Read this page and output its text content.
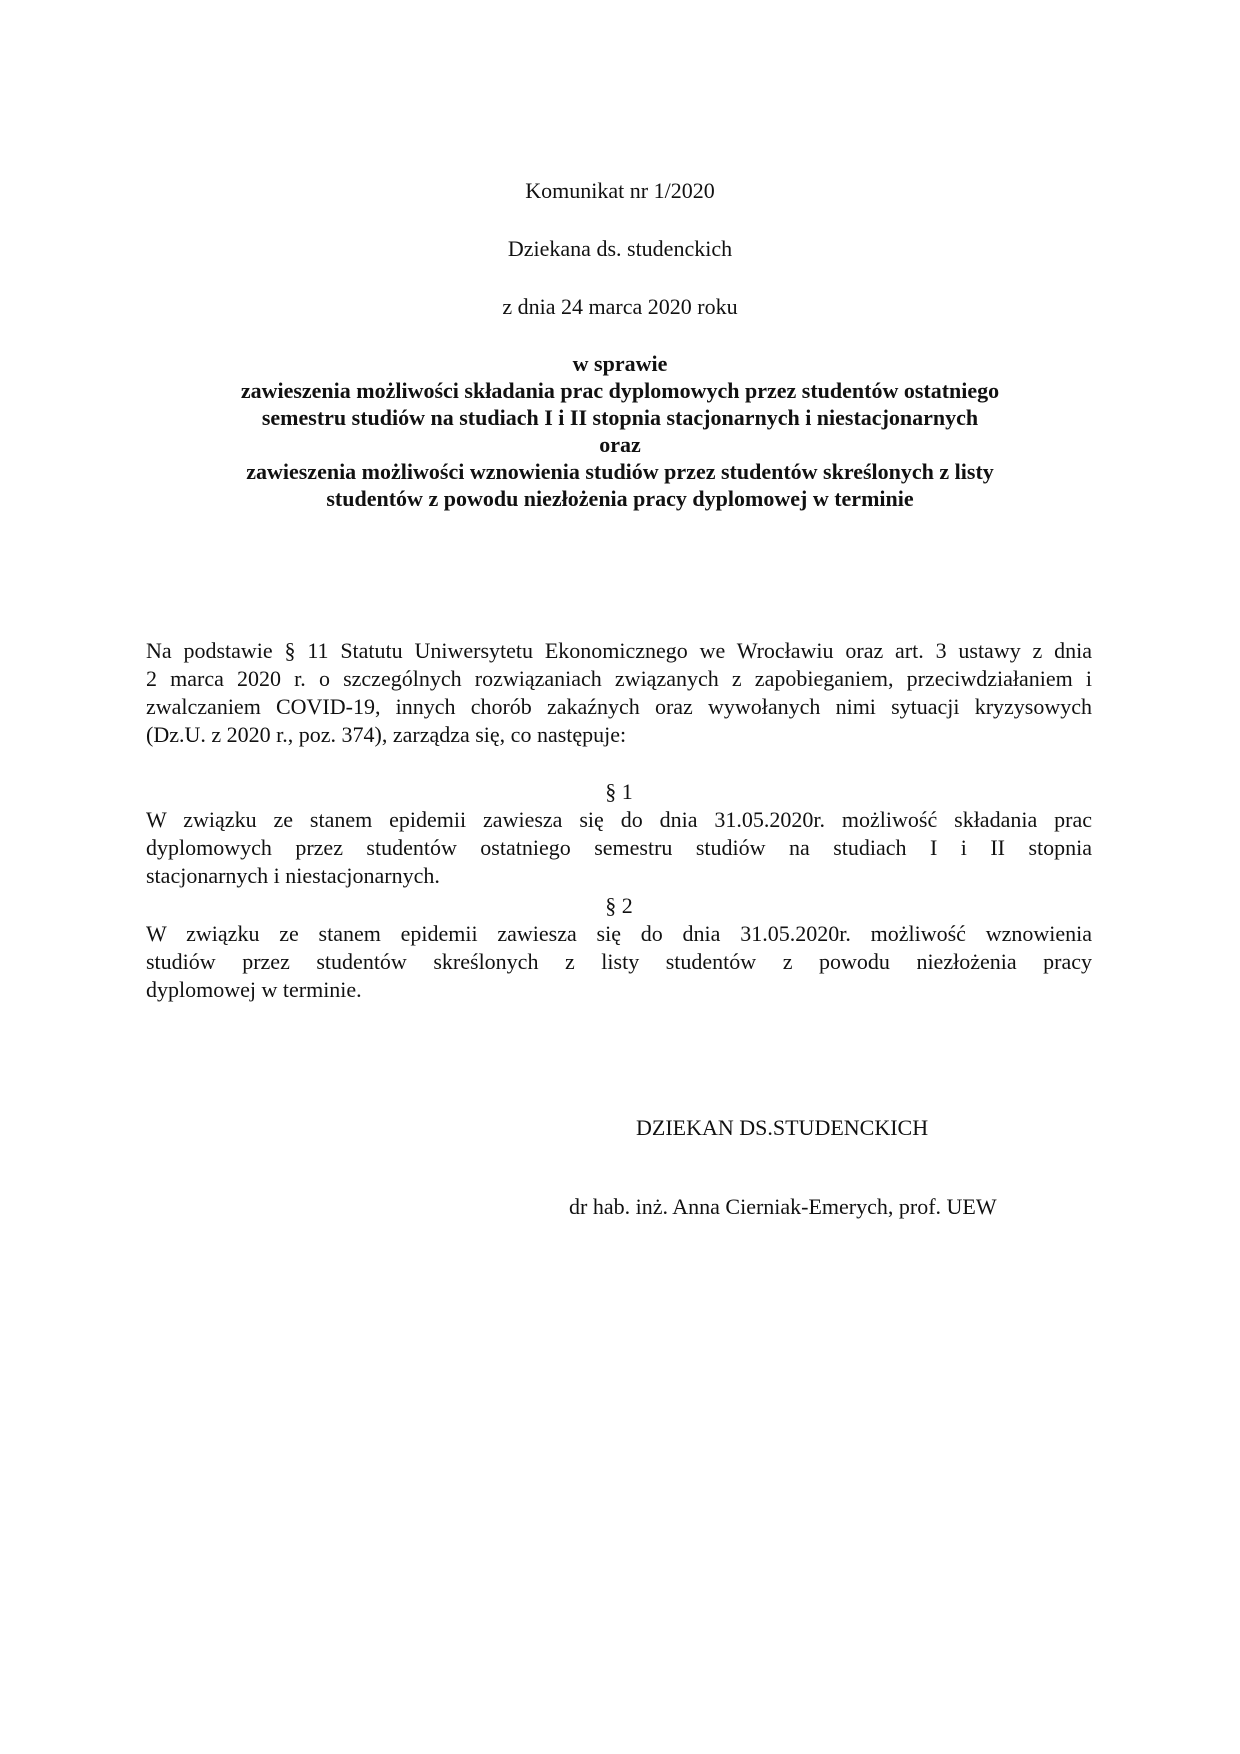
Komunikat nr 1/2020
Dziekana ds. studenckich
z dnia 24 marca 2020 roku
w sprawie
zawieszenia możliwości składania prac dyplomowych przez studentów ostatniego
semestru studiów na studiach I i II stopnia stacjonarnych i niestacjonarnych
oraz
zawieszenia możliwości wznowienia studiów przez studentów skreślonych z listy
studentów z powodu niezłożenia pracy dyplomowej w terminie
Na podstawie § 11 Statutu Uniwersytetu Ekonomicznego we Wrocławiu oraz art. 3 ustawy z dnia
2 marca 2020 r. o szczególnych rozwiązaniach związanych z zapobieganiem, przeciwdziałaniem i
zwalczaniem COVID-19, innych chorób zakaźnych oraz wywołanych nimi sytuacji kryzysowych
(Dz.U. z 2020 r., poz. 374), zarządza się, co następuje:
§ 1
W związku ze stanem epidemii zawiesza się do dnia 31.05.2020r. możliwość składania prac
dyplomowych przez studentów ostatniego semestru studiów na studiach I i II stopnia
stacjonarnych i niestacjonarnych.
§ 2
W związku ze stanem epidemii zawiesza się do dnia 31.05.2020r. możliwość wznowienia
studiów przez studentów skreślonych z listy studentów z powodu niezłożenia pracy
dyplomowej w terminie.
DZIEKAN DS.STUDENCKICH
dr hab. inż. Anna Cierniak-Emerych, prof. UEW
